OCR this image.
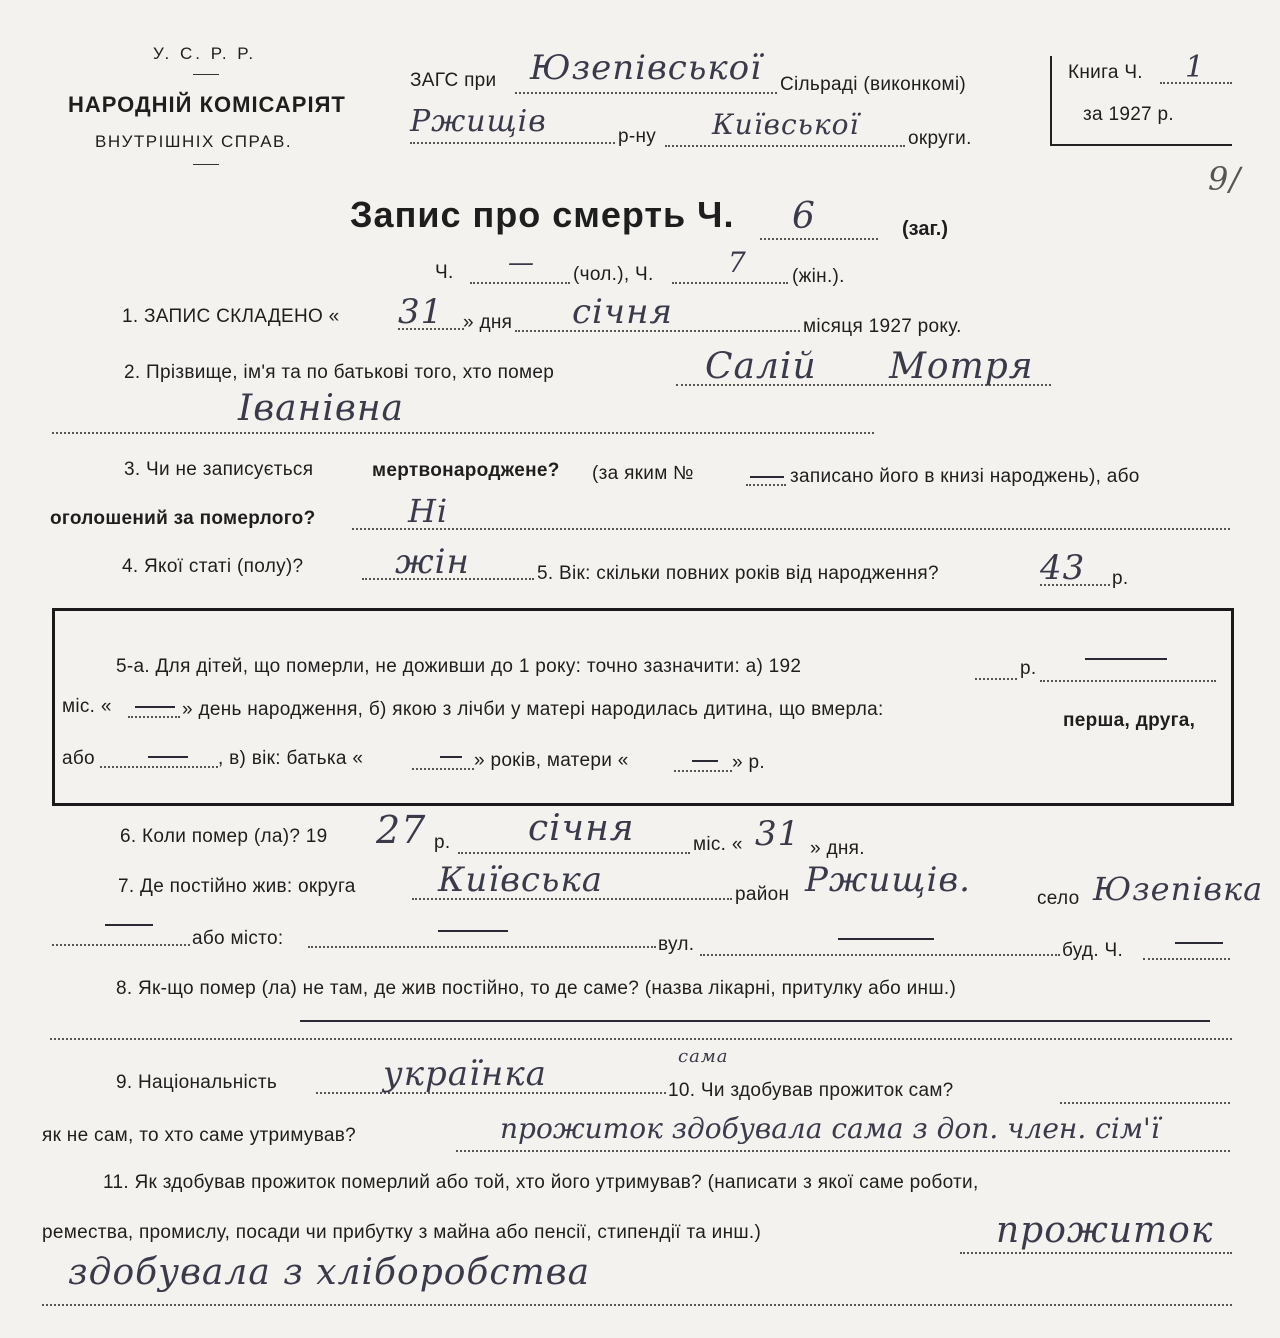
У. С. Р. Р.
НАРОДНІЙ КОМІСАРІЯТ
ВНУТРІШНІХ СПРАВ.
ЗАГС при Юзепівської Сільраді (виконкомі)
Ржищів	р-ну Київської	округи.
Книга Ч. 1
за 1927 р.
9/
Запис про смерть Ч. 6	(заг.)
Ч. — (чол.), Ч.	7 (жін.).
1. ЗАПИС СКЛАДЕНО « 31 » дня січня	місяця 1927 року.
2. Прізвище, ім'я та по батькові того, хто помер	Салій Мотря
Іванівна
3. Чи не записується	мертвонароджене? (за яким №	записано його в книзі народжень), або
оголошений за померлого?	Ні
4. Якої статі (полу)?	жін	5. Вік: скільки повних років від народження?	43 р.
5-а. Для дітей, що померли, не доживши до 1 року: точно зазначити: а) 192	р.
міс. «	» день народження, б) якою з лічби у матері народилась дитина, що вмерла:
перша, друга,
або	, в) вік: батька «	» років, матери «	» р.
6. Коли помер (ла)? 19 27 р. січня	міс. « 31 » дня.
7. Де постійно жив: округа Київська	район Ржищів.	село Юзепівка
або місто:	вул.	буд. Ч.
8. Як-що помер (ла) не там, де жив постійно, то де саме? (назва лікарні, притулку або инш.)
9. Національність	українка	сама
10. Чи здобував прожиток сам?
як не сам, то хто саме утримував?	прожиток здобувала сама з доп. член. сім'ї
11. Як здобував прожиток померлий або той, хто його утримував? (написати з якої саме роботи,
ремества, промислу, посади чи прибутку з майна або пенсії, стипендії та инш.)	прожиток
здобувала з хліборобства
